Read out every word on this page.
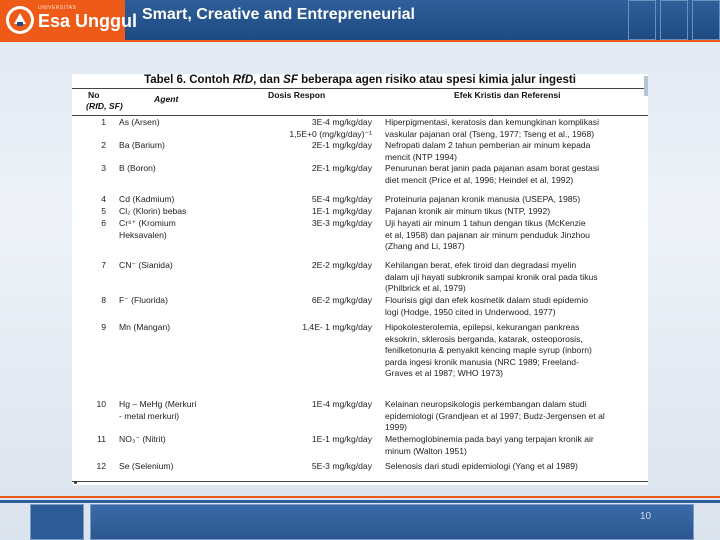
UNIVERSITAS
Esa Unggul Smart, Creative and Entrepreneurial
Tabel 6. Contoh RfD, dan SF beberapa agen risiko atau spesi kimia jalur ingesti
No
(RfD, SF)
Agent	Dosis Respon	Efek Kristis dan Referensi
1 As (Arsen)	3E-4 mg/kg/day
1,5E+0 (mg/kg/day)⁻¹
Hiperpigmentasi, keratosis dan kemungkinan komplikasi
vaskular pajanan oral (Tseng, 1977; Tseng et al., 1968)
2 Ba (Barium)	2E-1 mg/kg/day Nefropati dalam 2 tahun pemberian air minum kepada
mencit (NTP 1994)
3 B (Boron)	2E-1 mg/kg/day Penurunan berat janin pada pajanan asam borat gestasi
diet mencit (Price et al, 1996; Heindel et al, 1992)
4 Cd (Kadmium)	5E-4 mg/kg/day Proteinuria pajanan kronik manusia (USEPA, 1985)
5 Cl₂ (Klorin) bebas	1E-1 mg/kg/day Pajanan kronik air minum tikus (NTP, 1992)
6 Cr⁶⁺ (Kromium
Heksavalen)
3E-3 mg/kg/day Uji hayati air minum 1 tahun dengan tikus (McKenzie
et al, 1958) dan pajanan air minum penduduk Jinzhou
(Zhang and Li, 1987)
7 CN⁻ (Sianida)	2E-2 mg/kg/day Kehilangan berat, efek tiroid dan degradasi myelin
dalam uji hayati subkronik sampai kronik oral pada tikus
(Philbrick et al, 1979)
8 F⁻ (Fluorida)	6E-2 mg/kg/day Flourisis gigi dan efek kosmetik dalam studi epidemio
logi (Hodge, 1950 cited in Underwood, 1977)
9 Mn (Mangan)	1,4E- 1 mg/kg/day Hipokolesterolemia, epilepsi, kekurangan pankreas
eksokrin, sklerosis berganda, katarak, osteoporosis,
fenilketonuria & penyakit kencing maple syrup (inborn)
parda ingesi kronik manusia (NRC 1989; Freeland-
Graves et al 1987; WHO 1973)
10 Hg – MeHg (Merkuri
- metal merkuri)
1E-4 mg/kg/day Kelainan neuropsikologis perkembangan dalam studi
epidemiologi (Grandjean et al 1997; Budz-Jergensen et al
1999)
11 NO₃⁻ (Nitrit)	1E-1 mg/kg/day Methemoglobinemia pada bayi yang terpajan kronik air
minum (Walton 1951)
12 Se (Selenium)	5E-3 mg/kg/day Selenosis dari studi epidemiologi (Yang et al 1989)
10
